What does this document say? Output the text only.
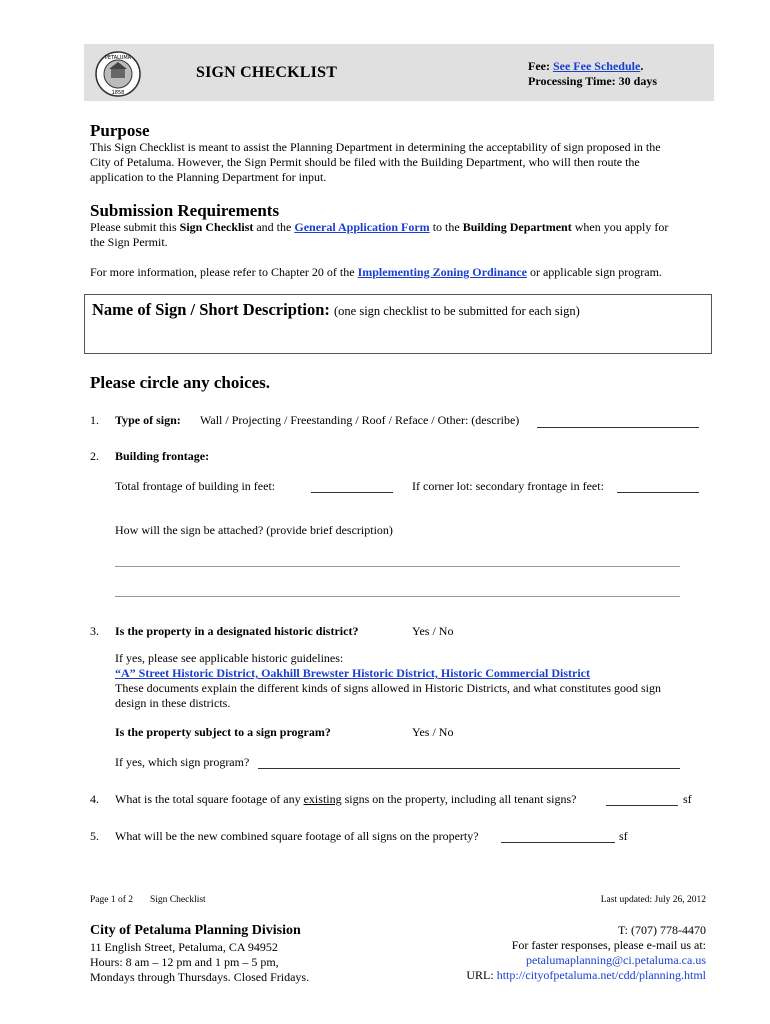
PETALUMA
1858
SIGN CHECKLIST	Fee: See Fee Schedule.
Processing Time: 30 days
Purpose
This Sign Checklist is meant to assist the Planning Department in determining the acceptability of sign proposed in the
City of Petaluma. However, the Sign Permit should be filed with the Building Department, who will then route the
application to the Planning Department for input.
Submission Requirements
Please submit this Sign Checklist and the General Application Form to the Building Department when you apply for
the Sign Permit.
For more information, please refer to Chapter 20 of the Implementing Zoning Ordinance or applicable sign program.
Name of Sign / Short Description: (one sign checklist to be submitted for each sign)
Please circle any choices.
1. Type of sign: Wall / Projecting / Freestanding / Roof / Reface / Other: (describe)
2. Building frontage:
Total frontage of building in feet:	If corner lot: secondary frontage in feet:
How will the sign be attached? (provide brief description)
3. Is the property in a designated historic district?	Yes / No
If yes, please see applicable historic guidelines:
“A” Street Historic District, Oakhill Brewster Historic District, Historic Commercial District
These documents explain the different kinds of signs allowed in Historic Districts, and what constitutes good sign
design in these districts.
Is the property subject to a sign program?	Yes / No
If yes, which sign program?
4. What is the total square footage of any existing signs on the property, including all tenant signs?	sf
5. What will be the new combined square footage of all signs on the property?	sf
Page 1 of 2 Sign Checklist	Last updated: July 26, 2012
City of Petaluma Planning Division
11 English Street, Petaluma, CA 94952
Hours: 8 am – 12 pm and 1 pm – 5 pm,
Mondays through Thursdays. Closed Fridays.
T: (707) 778-4470
For faster responses, please e-mail us at:
petalumaplanning@ci.petaluma.ca.us
URL: http://cityofpetaluma.net/cdd/planning.html
